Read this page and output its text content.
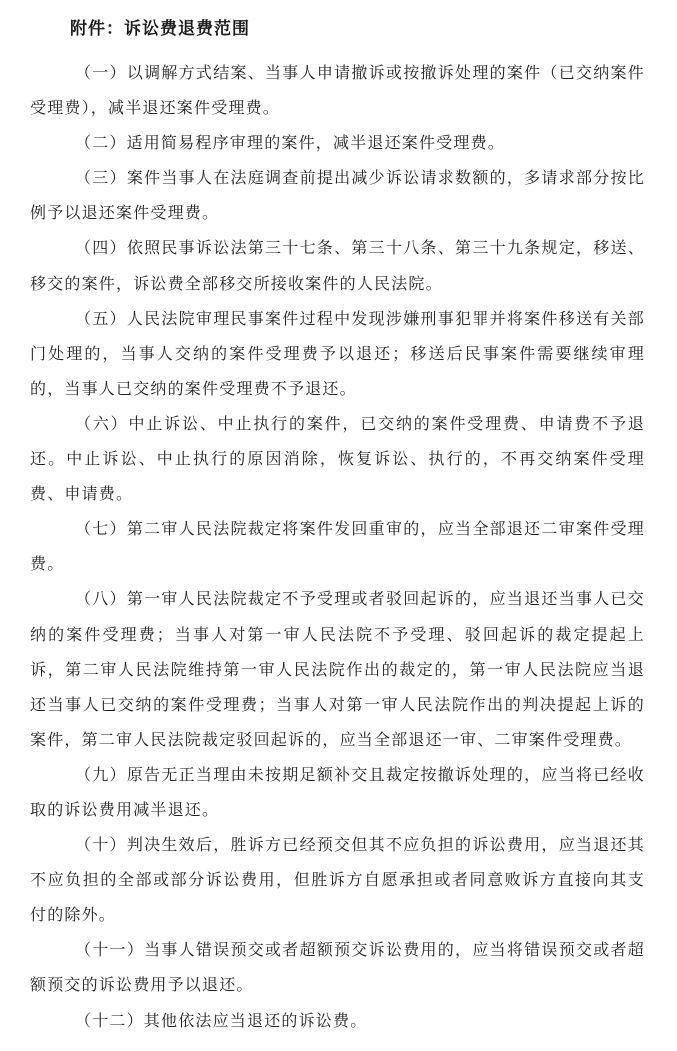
附件：诉讼费退费范围

（一）以调解方式结案、当事人申请撤诉或按撤诉处理的案件（已交纳案件受理费），减半退还案件受理费。

（二）适用简易程序审理的案件，减半退还案件受理费。

（三）案件当事人在法庭调查前提出减少诉讼请求数额的，多请求部分按比例予以退还案件受理费。

（四）依照民事诉讼法第三十七条、第三十八条、第三十九条规定，移送、移交的案件，诉讼费全部移交所接收案件的人民法院。

（五）人民法院审理民事案件过程中发现涉嫌刑事犯罪并将案件移送有关部门处理的，当事人交纳的案件受理费予以退还；移送后民事案件需要继续审理的，当事人已交纳的案件受理费不予退还。

（六）中止诉讼、中止执行的案件，已交纳的案件受理费、申请费不予退还。中止诉讼、中止执行的原因消除，恢复诉讼、执行的，不再交纳案件受理费、申请费。

（七）第二审人民法院裁定将案件发回重审的，应当全部退还二审案件受理费。

（八）第一审人民法院裁定不予受理或者驳回起诉的，应当退还当事人已交纳的案件受理费；当事人对第一审人民法院不予受理、驳回起诉的裁定提起上诉，第二审人民法院维持第一审人民法院作出的裁定的，第一审人民法院应当退还当事人已交纳的案件受理费；当事人对第一审人民法院作出的判决提起上诉的案件，第二审人民法院裁定驳回起诉的，应当全部退还一审、二审案件受理费。

（九）原告无正当理由未按期足额补交且裁定按撤诉处理的，应当将已经收取的诉讼费用减半退还。

（十）判决生效后，胜诉方已经预交但其不应负担的诉讼费用，应当退还其不应负担的全部或部分诉讼费用，但胜诉方自愿承担或者同意败诉方直接向其支付的除外。

（十一）当事人错误预交或者超额预交诉讼费用的，应当将错误预交或者超额预交的诉讼费用予以退还。

（十二）其他依法应当退还的诉讼费。
